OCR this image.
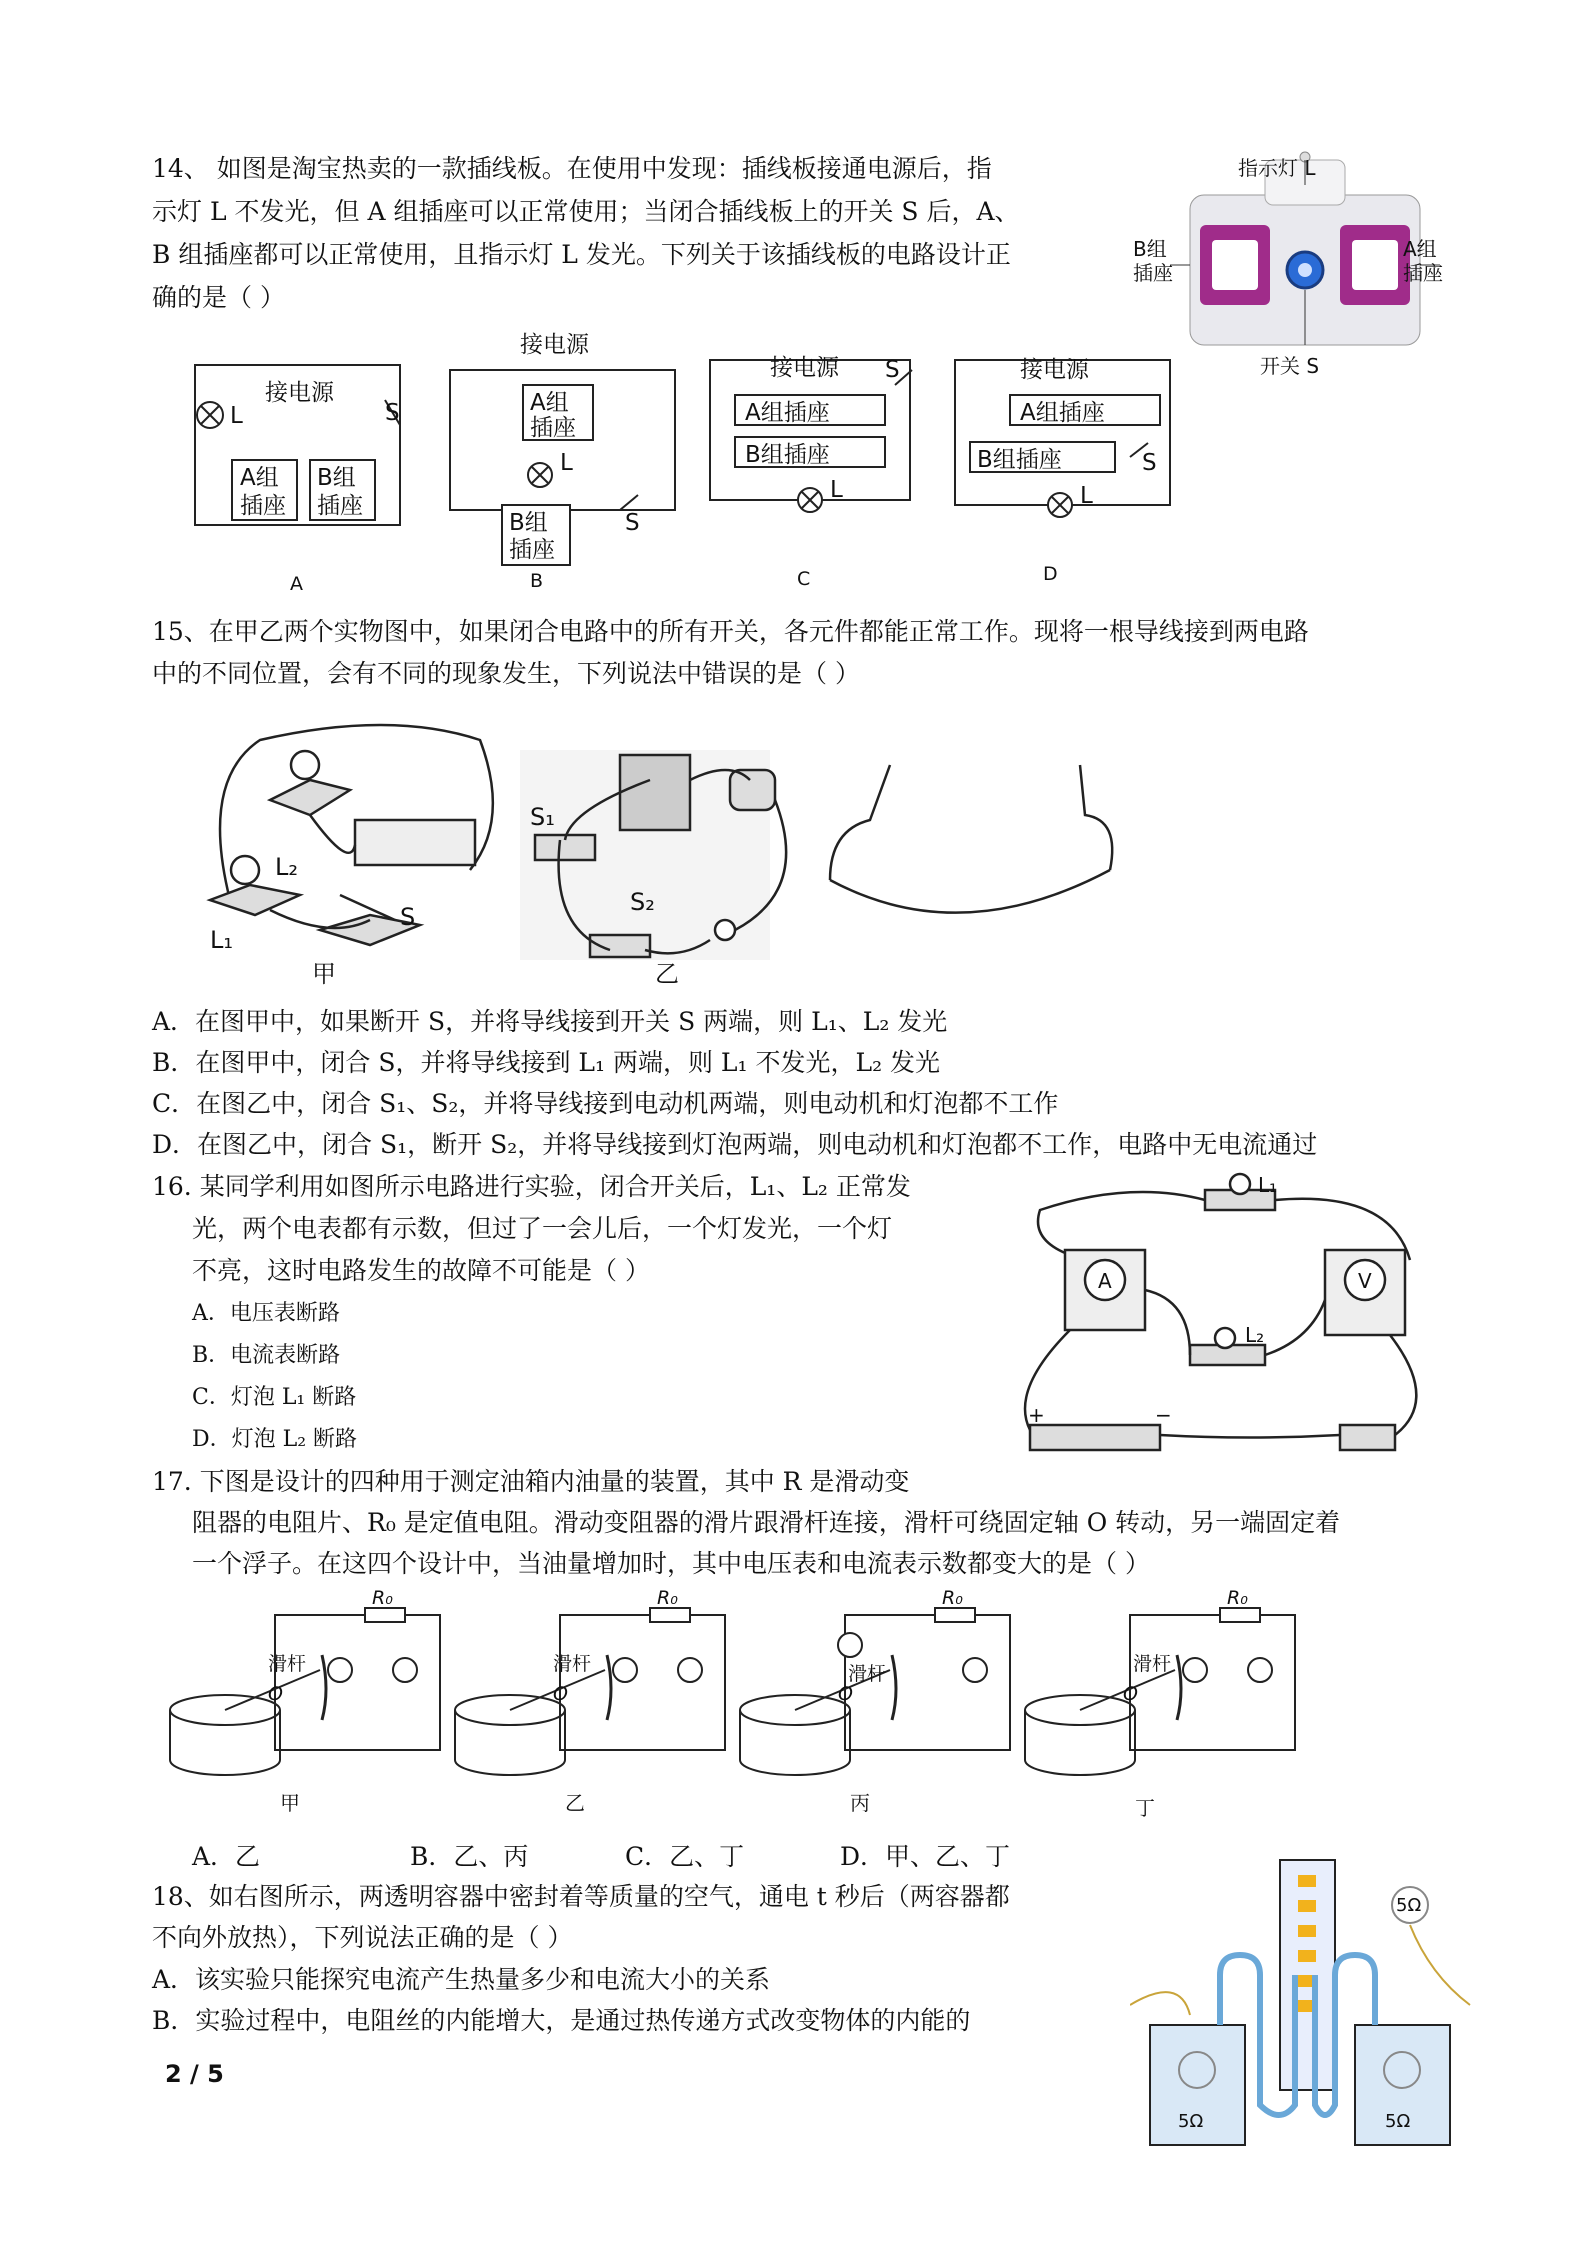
14、 如图是淘宝热卖的一款插线板。在使用中发现：插线板接通电源后，指
示灯 L 不发光，但 A 组插座可以正常使用；当闭合插线板上的开关 S 后，A、
B 组插座都可以正常使用，且指示灯 L 发光。下列关于该插线板的电路设计正
确的是（ ）
指示灯 L
B组
插座
A组
插座
开关 S
接电源
A组
插座
B组
插座
L	S
接电源
A组
插座
L
B组
插座
S
接电源
A组插座
B组插座
L
S	接电源
A组插座
B组插座
L
S
A	B	C	D
15、在甲乙两个实物图中，如果闭合电路中的所有开关，各元件都能正常工作。现将一根导线接到两电路
中的不同位置，会有不同的现象发生，下列说法中错误的是（ ）
L₂
L₁
S
S₁
S₂
甲	乙
A．在图甲中，如果断开 S，并将导线接到开关 S 两端，则 L₁、L₂ 发光
B．在图甲中，闭合 S，并将导线接到 L₁ 两端，则 L₁ 不发光，L₂ 发光
C．在图乙中，闭合 S₁、S₂，并将导线接到电动机两端，则电动机和灯泡都不工作
D．在图乙中，闭合 S₁，断开 S₂，并将导线接到灯泡两端，则电动机和灯泡都不工作，电路中无电流通过
16. 某同学利用如图所示电路进行实验，闭合开关后，L₁、L₂ 正常发
光，两个电表都有示数，但过了一会儿后，一个灯发光，一个灯
不亮，这时电路发生的故障不可能是（ ）
A．电压表断路
B．电流表断路
C．灯泡 L₁ 断路
D．灯泡 L₂ 断路
L₁
L₂
A	V
+	−
17. 下图是设计的四种用于测定油箱内油量的装置，其中 R 是滑动变
阻器的电阻片、R₀ 是定值电阻。滑动变阻器的滑片跟滑杆连接，滑杆可绕固定轴 O 转动，另一端固定着
一个浮子。在这四个设计中，当油量增加时，其中电压表和电流表示数都变大的是（ ）
R₀	R₀	R₀	R₀
滑杆	滑杆	滑杆	滑杆
O	O	O	O
甲	乙	丙	丁
A．乙	B．乙、丙	C．乙、丁	D．甲、乙、丁
18、如右图所示，两透明容器中密封着等质量的空气，通电 t 秒后（两容器都
不向外放热），下列说法正确的是（ ）
A．该实验只能探究电流产生热量多少和电流大小的关系
B．实验过程中，电阻丝的内能增大，是通过热传递方式改变物体的内能的
5Ω
5Ω	5Ω
2 / 5
